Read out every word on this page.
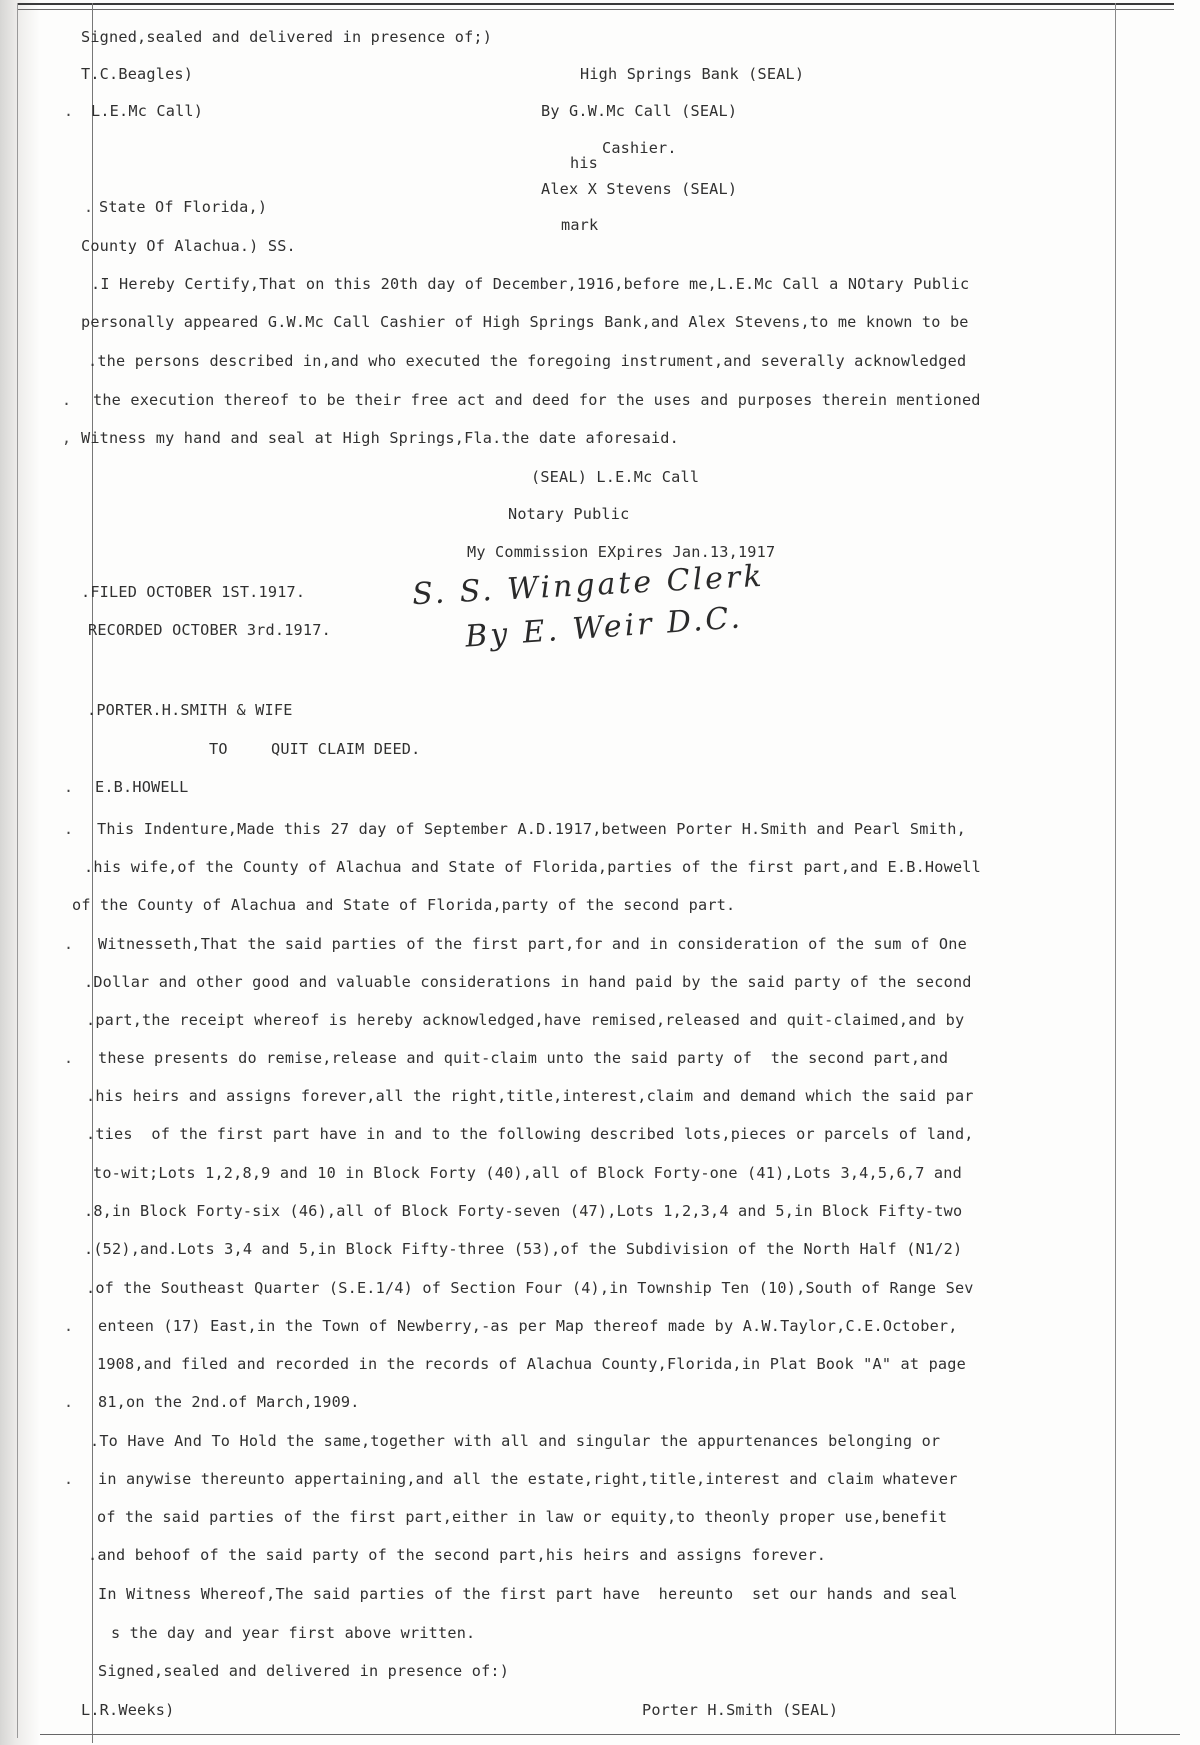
Signed,sealed and delivered in presence of;)
T.C.Beagles)	High Springs Bank (SEAL)
. L.E.Mc Call)	By G.W.Mc Call (SEAL)
Cashier.
his
Alex X Stevens (SEAL)
mark
. State Of Florida,)
County Of Alachua.) SS.
.I Hereby Certify,That on this 20th day of December,1916,before me,L.E.Mc Call a NOtary Public
personally appeared G.W.Mc Call Cashier of High Springs Bank,and Alex Stevens,to me known to be
.the persons described in,and who executed the foregoing instrument,and severally acknowledged
. the execution thereof to be their free act and deed for the uses and purposes therein mentioned
, Witness my hand and seal at High Springs,Fla.the date aforesaid.
(SEAL) L.E.Mc Call
Notary Public
My Commission EXpires Jan.13,1917
.FILED OCTOBER 1ST.1917.
RECORDED OCTOBER 3rd.1917.
S. S. Wingate Clerk
By E. Weir D.C.
.PORTER.H.SMITH & WIFE
TO	QUIT CLAIM DEED.
. E.B.HOWELL
. This Indenture,Made this 27 day of September A.D.1917,between Porter H.Smith and Pearl Smith,
.his wife,of the County of Alachua and State of Florida,parties of the first part,and E.B.Howell
of the County of Alachua and State of Florida,party of the second part.
. Witnesseth,That the said parties of the first part,for and in consideration of the sum of One
.Dollar and other good and valuable considerations in hand paid by the said party of the second
.part,the receipt whereof is hereby acknowledged,have remised,released and quit-claimed,and by
. these presents do remise,release and quit-claim unto the said party of  the second part,and
.his heirs and assigns forever,all the right,title,interest,claim and demand which the said par
.ties  of the first part have in and to the following described lots,pieces or parcels of land,
to-wit;Lots 1,2,8,9 and 10 in Block Forty (40),all of Block Forty-one (41),Lots 3,4,5,6,7 and
.8,in Block Forty-six (46),all of Block Forty-seven (47),Lots 1,2,3,4 and 5,in Block Fifty-two
.(52),and.Lots 3,4 and 5,in Block Fifty-three (53),of the Subdivision of the North Half (N1/2)
.of the Southeast Quarter (S.E.1/4) of Section Four (4),in Township Ten (10),South of Range Sev
. enteen (17) East,in the Town of Newberry,-as per Map thereof made by A.W.Taylor,C.E.October,
1908,and filed and recorded in the records of Alachua County,Florida,in Plat Book "A" at page
. 81,on the 2nd.of March,1909.
.To Have And To Hold the same,together with all and singular the appurtenances belonging or
. in anywise thereunto appertaining,and all the estate,right,title,interest and claim whatever
of the said parties of the first part,either in law or equity,to theonly proper use,benefit
.and behoof of the said party of the second part,his heirs and assigns forever.
In Witness Whereof,The said parties of the first part have  hereunto  set our hands and seal
s the day and year first above written.
Signed,sealed and delivered in presence of:)
L.R.Weeks)	Porter H.Smith (SEAL)
